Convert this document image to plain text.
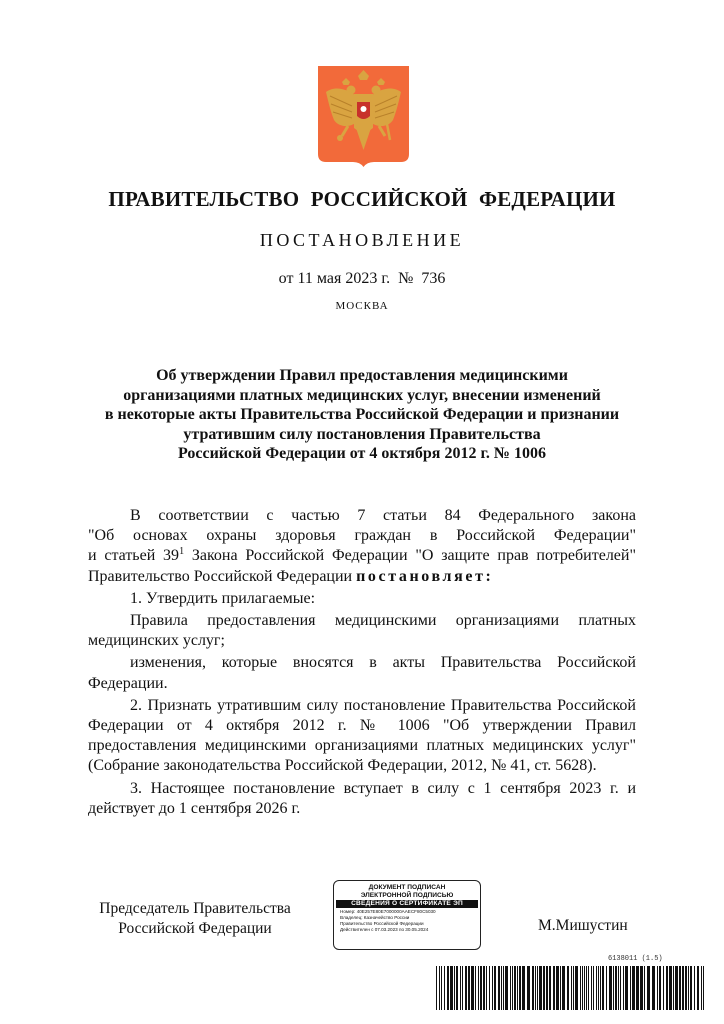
ПРАВИТЕЛЬСТВО РОССИЙСКОЙ ФЕДЕРАЦИИ
ПОСТАНОВЛЕНИЕ
от 11 мая 2023 г.  №  736
МОСКВА
Об утверждении Правил предоставления медицинскими
организациями платных медицинских услуг, внесении изменений
в некоторые акты Правительства Российской Федерации и признании
утратившим силу постановления Правительства
Российской Федерации от 4 октября 2012 г. № 1006

В соответствии с частью 7 статьи 84 Федерального закона
"Об основах охраны здоровья граждан в Российской Федерации"
и статьей $39^1$ Закона Российской Федерации "О защите прав потребителей"
Правительство Российской Федерации постановляет:

1. Утвердить прилагаемые:

Правила предоставления медицинскими организациями платных медицинских услуг;

изменения, которые вносятся в акты Правительства Российской Федерации.

2. Признать утратившим силу постановление Правительства Российской Федерации от 4 октября 2012 г. № 1006 "Об утверждении Правил предоставления медицинскими организациями платных медицинских услуг" (Собрание законодательства Российской Федерации, 2012, № 41, ст. 5628).

3. Настоящее постановление вступает в силу с 1 сентября 2023 г. и действует до 1 сентября 2026 г.

Председатель Правительства
Российской Федерации
ДОКУМЕНТ ПОДПИСАН
ЭЛЕКТРОННОЙ ПОДПИСЬЮ
СВЕДЕНИЯ О СЕРТИФИКАТЕ ЭП
Номер: 40E257E80E7000000AAECF80C5030
Владелец: Казначейство России
Правительство Российской Федерации
Действителен с 07.03.2023 по 30.05.2024	М.Мишустин
6138011 (1.5)
